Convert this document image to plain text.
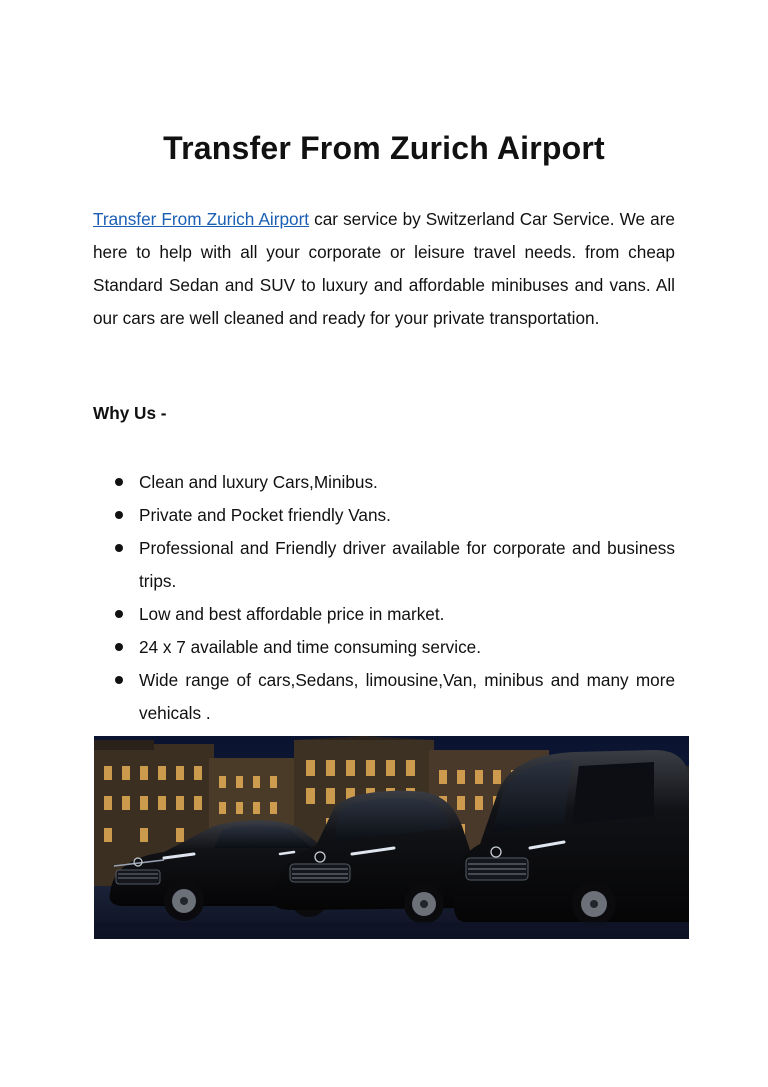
Transfer From Zurich Airport

Transfer From Zurich Airport car service by Switzerland Car Service. We are here to help with all your corporate or leisure travel needs. from cheap Standard Sedan and SUV to luxury and affordable minibuses and vans. All our cars are well cleaned and ready for your private transportation.

Why Us -

Clean and luxury Cars,Minibus.
Private and Pocket friendly Vans.
Professional and Friendly driver available for corporate and business trips.
Low and best affordable price in market.
24 x 7 available and time consuming service.
Wide range of cars,Sedans, limousine,Van, minibus and many more vehicals .
